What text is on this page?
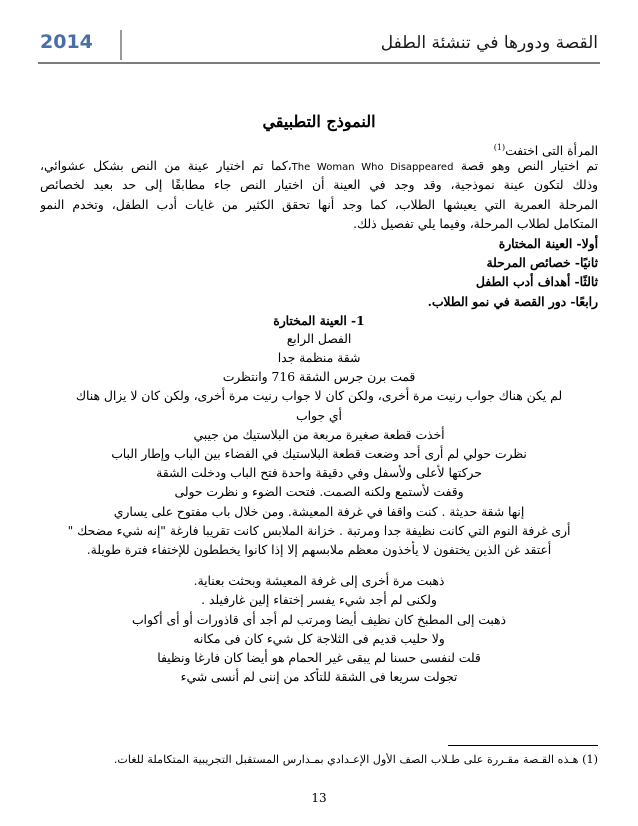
القصة ودورها في تنشئة الطفل
2014
النموذج التطبيقي
المرأة التي اختفت$^{(1)}$
تم اختيار النص وهو قصة The Woman Who Disappeared،كما تم اختيار عينة من النص بشكل عشوائي،
وذلك لتكون عينة نموذجية، وقد وجد في العينة أن اختيار النص جاء مطابقًا إلى حد بعيد لخصائص
المرحلة العمرية التي يعيشها الطلاب، كما وجد أنها تحقق الكثير من غايات أدب الطفل، وتخدم النمو
المتكامل لطلاب المرحلة، وفيما يلي تفصيل ذلك.
أولا- العينة المختارة
ثانيًا- خصائص المرحلة
ثالثًا- أهداف أدب الطفل
رابعًا- دور القصة في نمو الطلاب.
1- العينة المختارة
الفصل الرابع
شقة منظمة جدا
قمت برن جرس الشقة 716 وانتظرت
لم يكن هناك جواب رنيت مرة أخرى، ولكن كان لا جواب رنيت مرة أخرى، ولكن كان لا يزال هناك
أي جواب
أخذت قطعة صغيرة مربعة من البلاستيك من جيبي
نظرت حولي لم أرى أحد وضعت قطعة البلاستيك في الفضاء بين الباب وإطار الباب
حركتها لأعلى ولأسفل وفي دقيقة واحدة فتح الباب ودخلت الشقة
وقفت لأستمع ولكنه الصمت. فتحت الضوء و نظرت حولى
إنها شقة حديثة . كنت واقفا في غرفة المعيشة. ومن خلال باب مفتوح على يساري
أرى غرفة النوم التي كانت نظيفة جدا ومرتبة . خزانة الملابس كانت تقريبا فارغة "إنه شيء مضحك "
أعتقد غن الذين يختفون لا يأخذون معظم ملابسهم إلا إذا كانوا يخططون للإختفاء فترة طويلة.
ذهبت مرة أخرى إلى غرفة المعيشة وبحثت بعناية.
ولكنى لم أجد شيء يفسر إختفاء إلين غارفيلد .
ذهبت إلى المطبخ كان نظيف أيضا ومرتب لم أجد أى قاذورات أو أى أكواب
ولا حليب قديم فى الثلاجة كل شيء كان فى مكانه
قلت لنفسى حسنا لم يبقى غير الحمام هو أيضا كان فارغا ونظيفا
تجولت سريعا فى الشقة للتأكد من إننى لم أنسى شيء
(1) هـذه القـصة مقـررة على طـلاب الصف الأول الإعـدادي بمـدارس المستقبل التجريبية المتكاملة للغات.
13
